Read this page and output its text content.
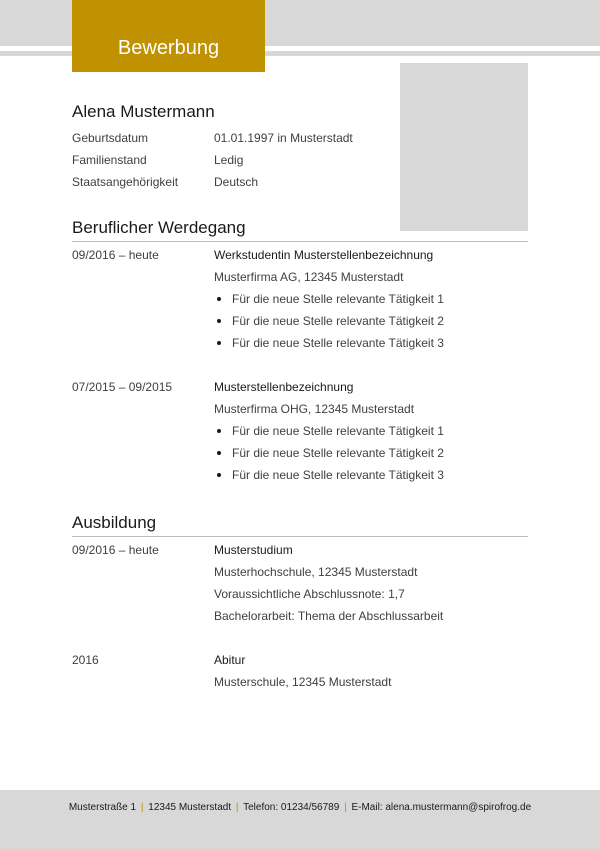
Bewerbung
Alena Mustermann
Geburtsdatum	01.01.1997 in Musterstadt
Familienstand	Ledig
Staatsangehörigkeit	Deutsch
Beruflicher Werdegang
09/2016 – heute	Werkstudentin Musterstellenbezeichnung
Musterfirma AG, 12345 Musterstadt
Für die neue Stelle relevante Tätigkeit 1
Für die neue Stelle relevante Tätigkeit 2
Für die neue Stelle relevante Tätigkeit 3
07/2015 – 09/2015	Musterstellenbezeichnung
Musterfirma OHG, 12345 Musterstadt
Für die neue Stelle relevante Tätigkeit 1
Für die neue Stelle relevante Tätigkeit 2
Für die neue Stelle relevante Tätigkeit 3
Ausbildung
09/2016 – heute	Musterstudium
Musterhochschule, 12345 Musterstadt
Voraussichtliche Abschlussnote: 1,7
Bachelorarbeit: Thema der Abschlussarbeit
2016	Abitur
Musterschule, 12345 Musterstadt
Musterstraße 1 | 12345 Musterstadt | Telefon: 01234/56789 | E-Mail: alena.mustermann@spirofrog.de
